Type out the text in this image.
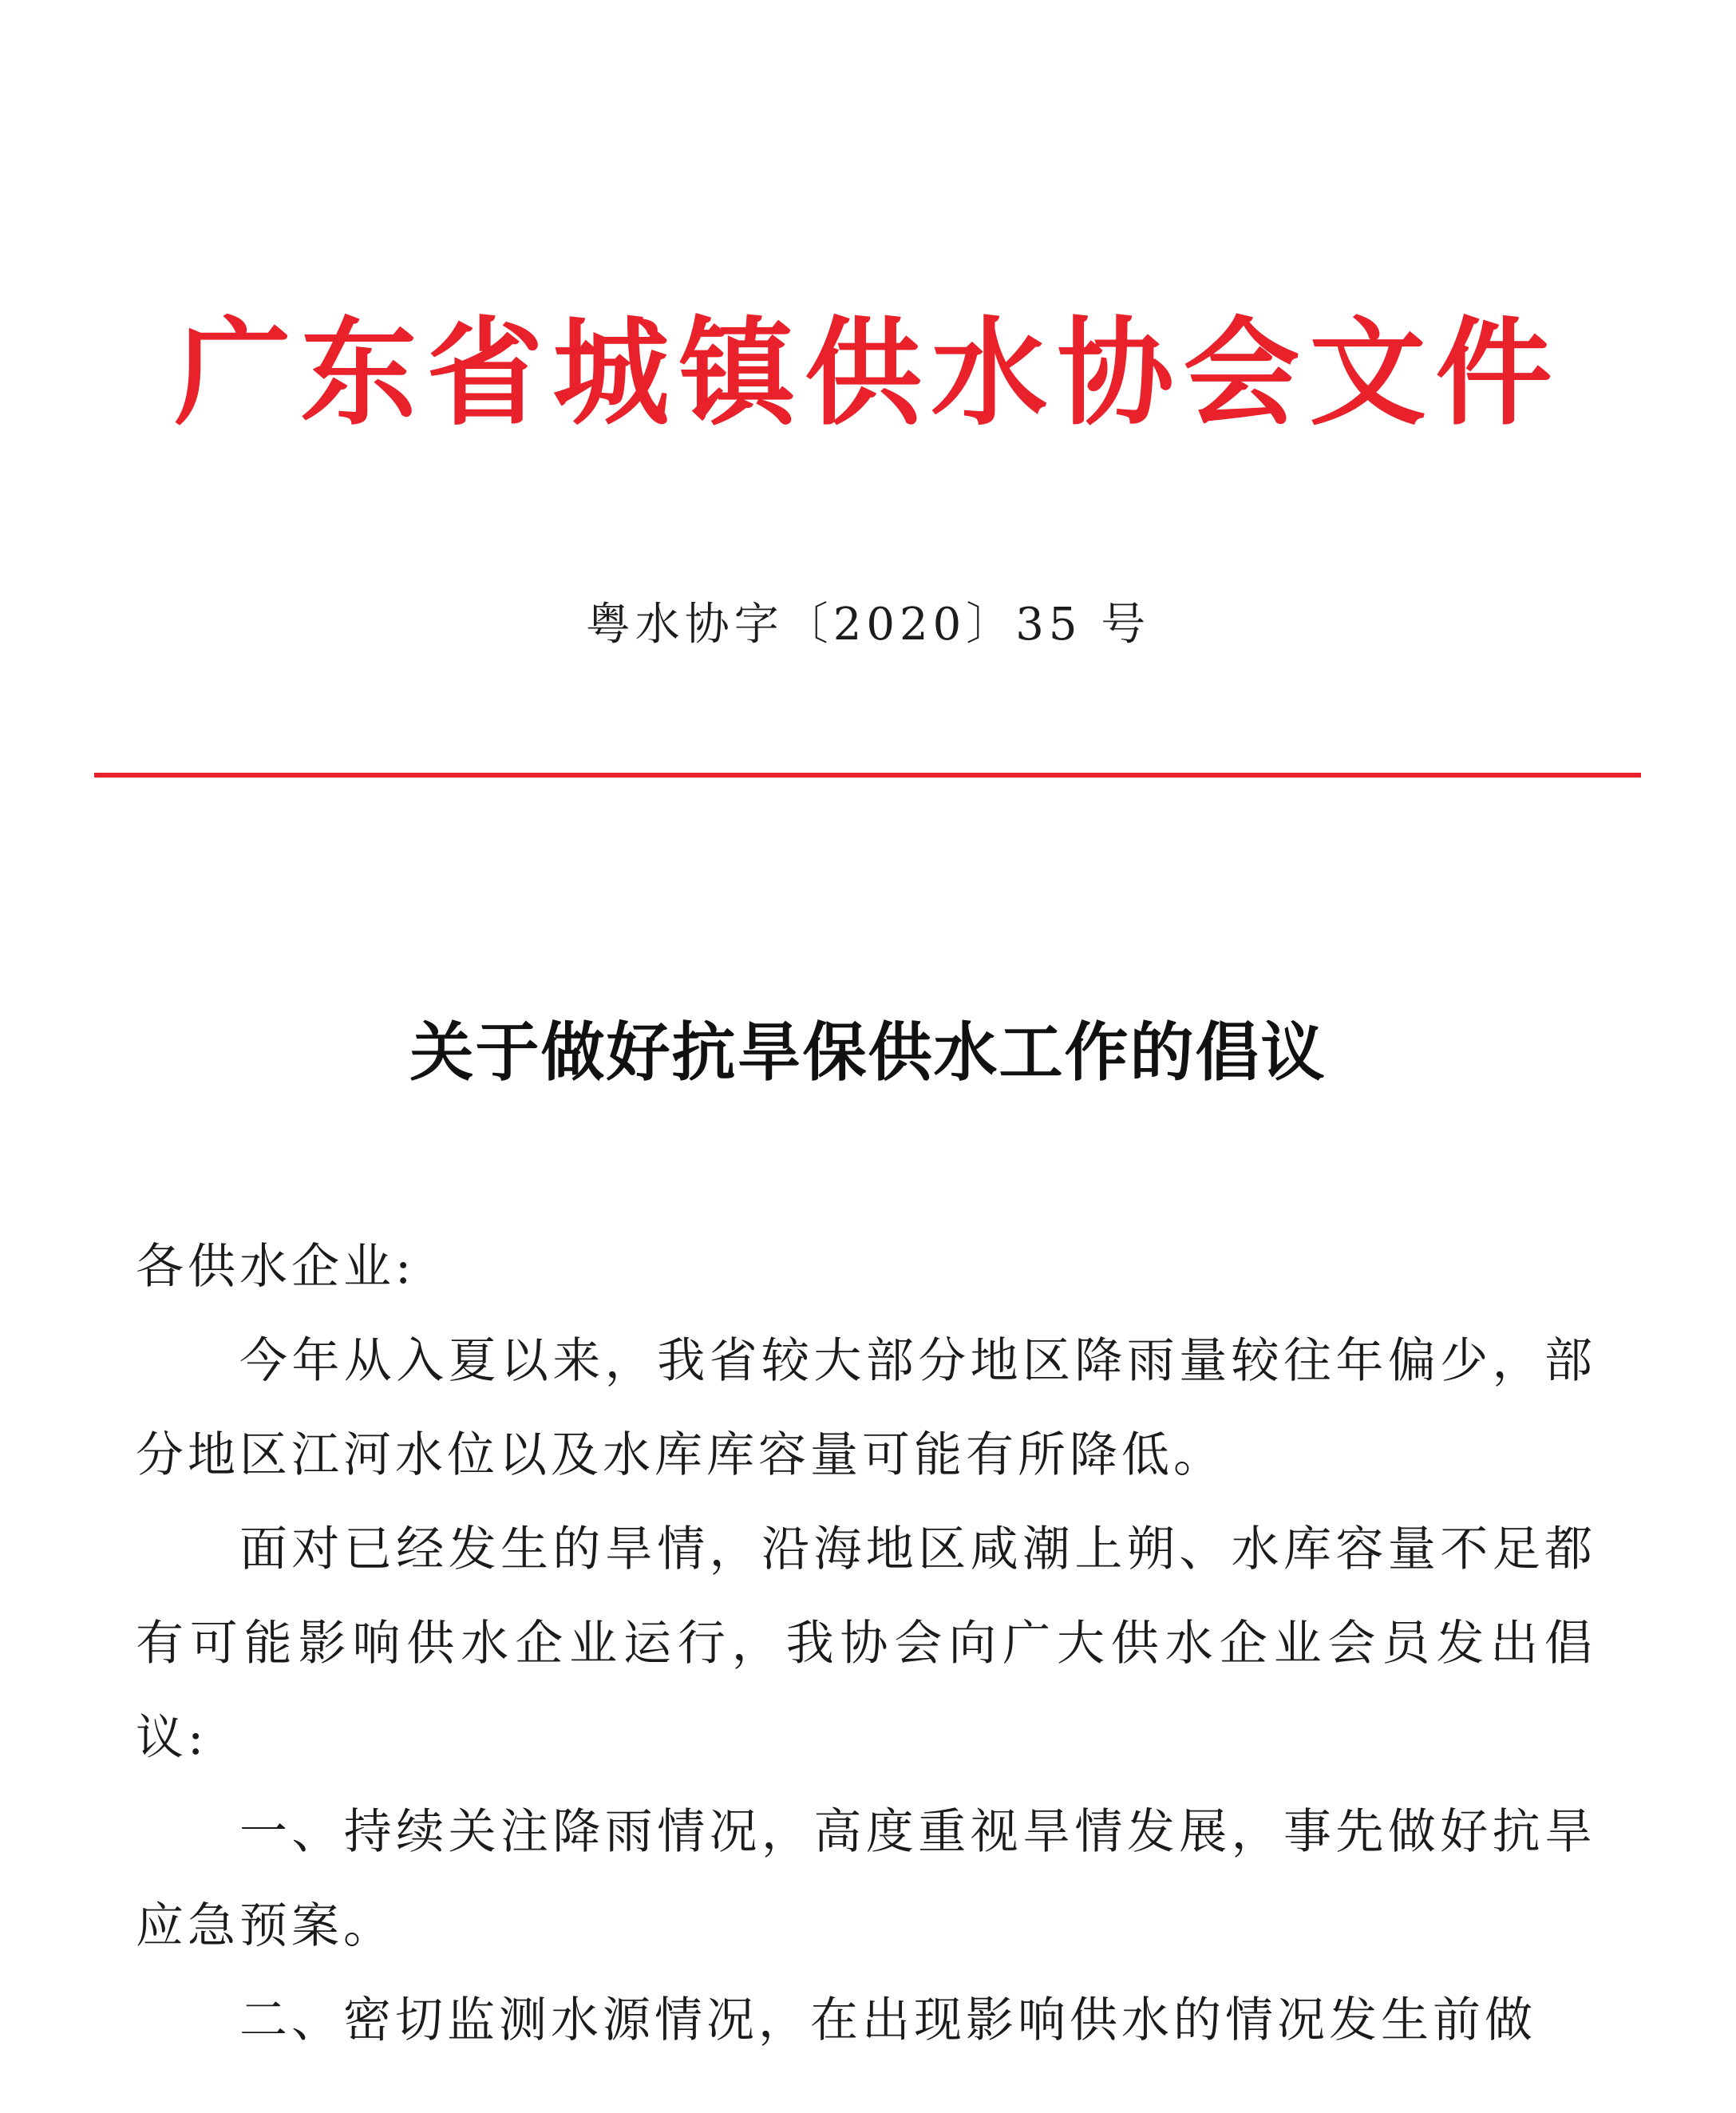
广东省城镇供水协会文件
粤水协字〔2020〕35 号
关于做好抗旱保供水工作的倡议

各供水企业:

今年从入夏以来，我省较大部分地区降雨量较往年偏少，部分地区江河水位以及水库库容量可能有所降低。

面对已经发生的旱情，沿海地区咸潮上朔、水库容量不足都有可能影响供水企业运行，我协会向广大供水企业会员发出倡议:

一、持续关注降雨情况，高度重视旱情发展，事先做好抗旱应急预案。

二、密切监测水源情况，在出现影响供水的情况发生前做
